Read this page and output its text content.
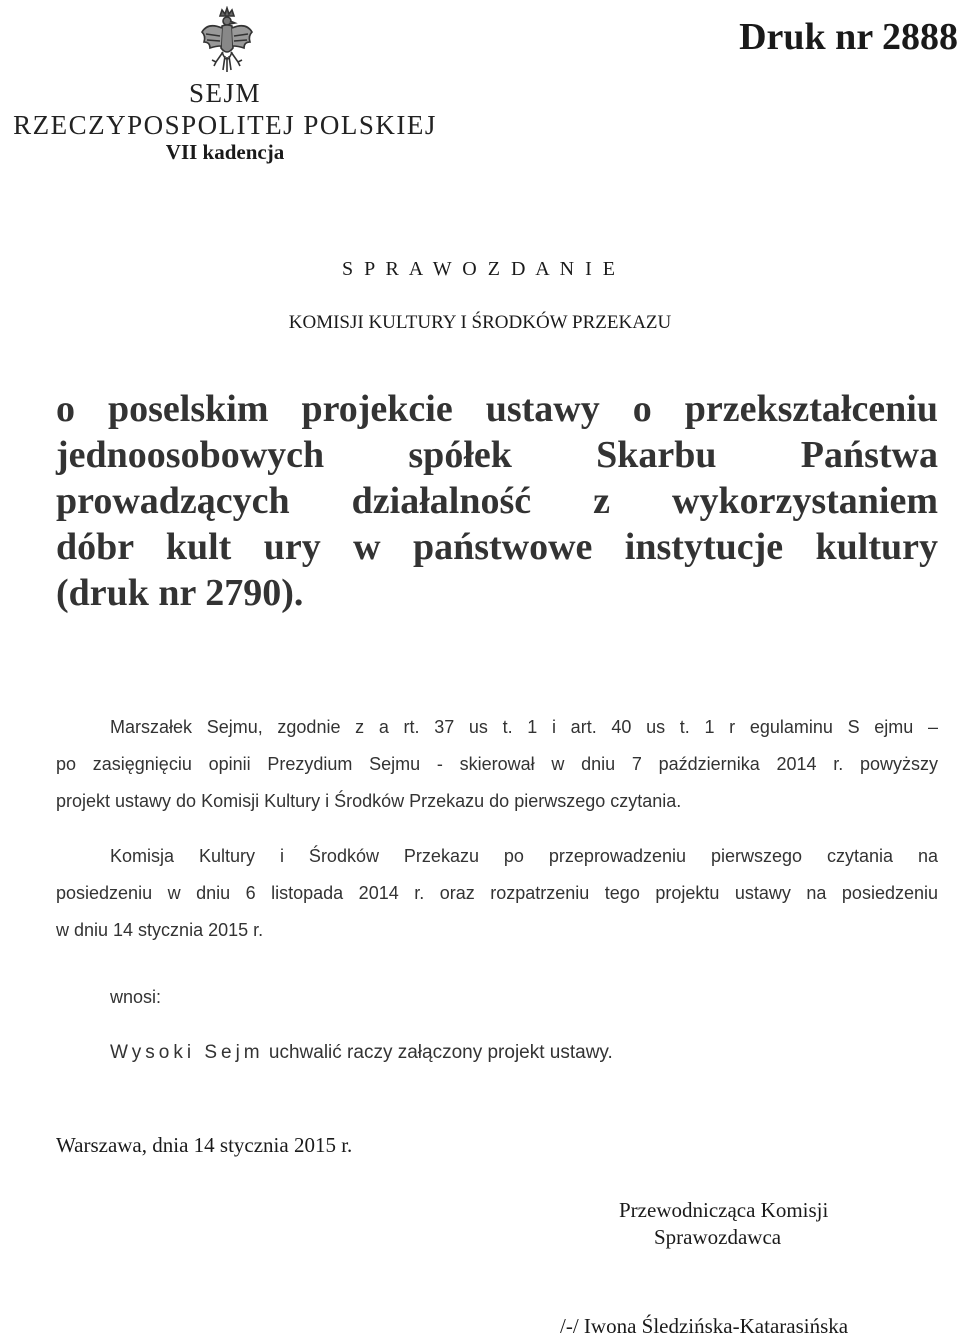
SEJM
RZECZYPOSPOLITEJ POLSKIEJ
VII kadencja
Druk nr 2888
S P R A W O Z D A N I E
KOMISJI KULTURY I ŚRODKÓW PRZEKAZU
o poselskim projekcie ustawy o przekształceniu
jednoosobowych spółek Skarbu Państwa
prowadzących działalność z wykorzystaniem
dóbr kult ury w państwowe instytucje kultury
(druk nr 2790).
Marszałek Sejmu, zgodnie z a rt. 37 us t. 1 i art. 40 us t. 1 r egulaminu S ejmu –
po zasięgnięciu opinii Prezydium Sejmu - skierował w dniu 7 października 2014 r. powyższy
projekt ustawy do Komisji Kultury i Środków Przekazu do pierwszego czytania.
Komisja Kultury i Środków Przekazu po przeprowadzeniu pierwszego czytania na
posiedzeniu w dniu 6 listopada 2014 r. oraz rozpatrzeniu tego projektu ustawy na posiedzeniu
w dniu 14 stycznia 2015 r.
wnosi:
Wysoki Sejm uchwalić raczy załączony projekt ustawy.
Warszawa, dnia 14 stycznia 2015 r.
Przewodnicząca Komisji
Sprawozdawca
/-/ Iwona Śledzińska-Katarasińska
